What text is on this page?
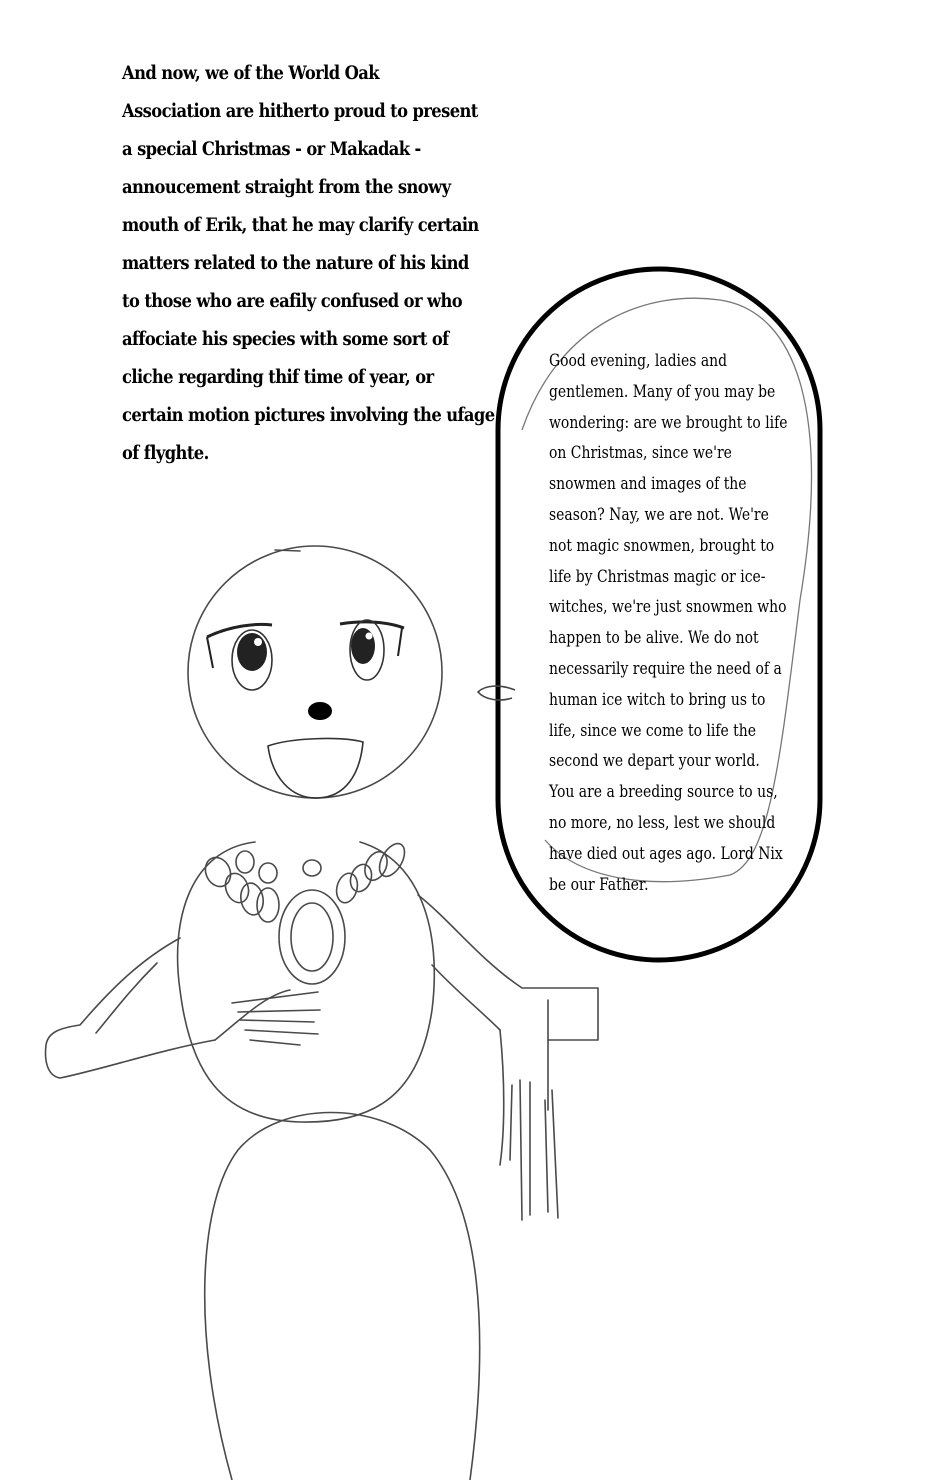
And now, we of the World Oak
Association are hitherto proud to present
a special Christmas - or Makadak -
annoucement straight from the snowy
mouth of Erik, that he may clarify certain
matters related to the nature of his kind
to those who are eafily confused or who
affociate his species with some sort of
cliche regarding thif time of year, or
certain motion pictures involving the ufage
of flyghte.
Good evening, ladies and
gentlemen. Many of you may be
wondering: are we brought to life
on Christmas, since we're
snowmen and images of the
season? Nay, we are not. We're
not magic snowmen, brought to
life by Christmas magic or ice-
witches, we're just snowmen who
happen to be alive. We do not
necessarily require the need of a
human ice witch to bring us to
life, since we come to life the
second we depart your world.
You are a breeding source to us,
no more, no less, lest we should
have died out ages ago. Lord Nix
be our Father.
